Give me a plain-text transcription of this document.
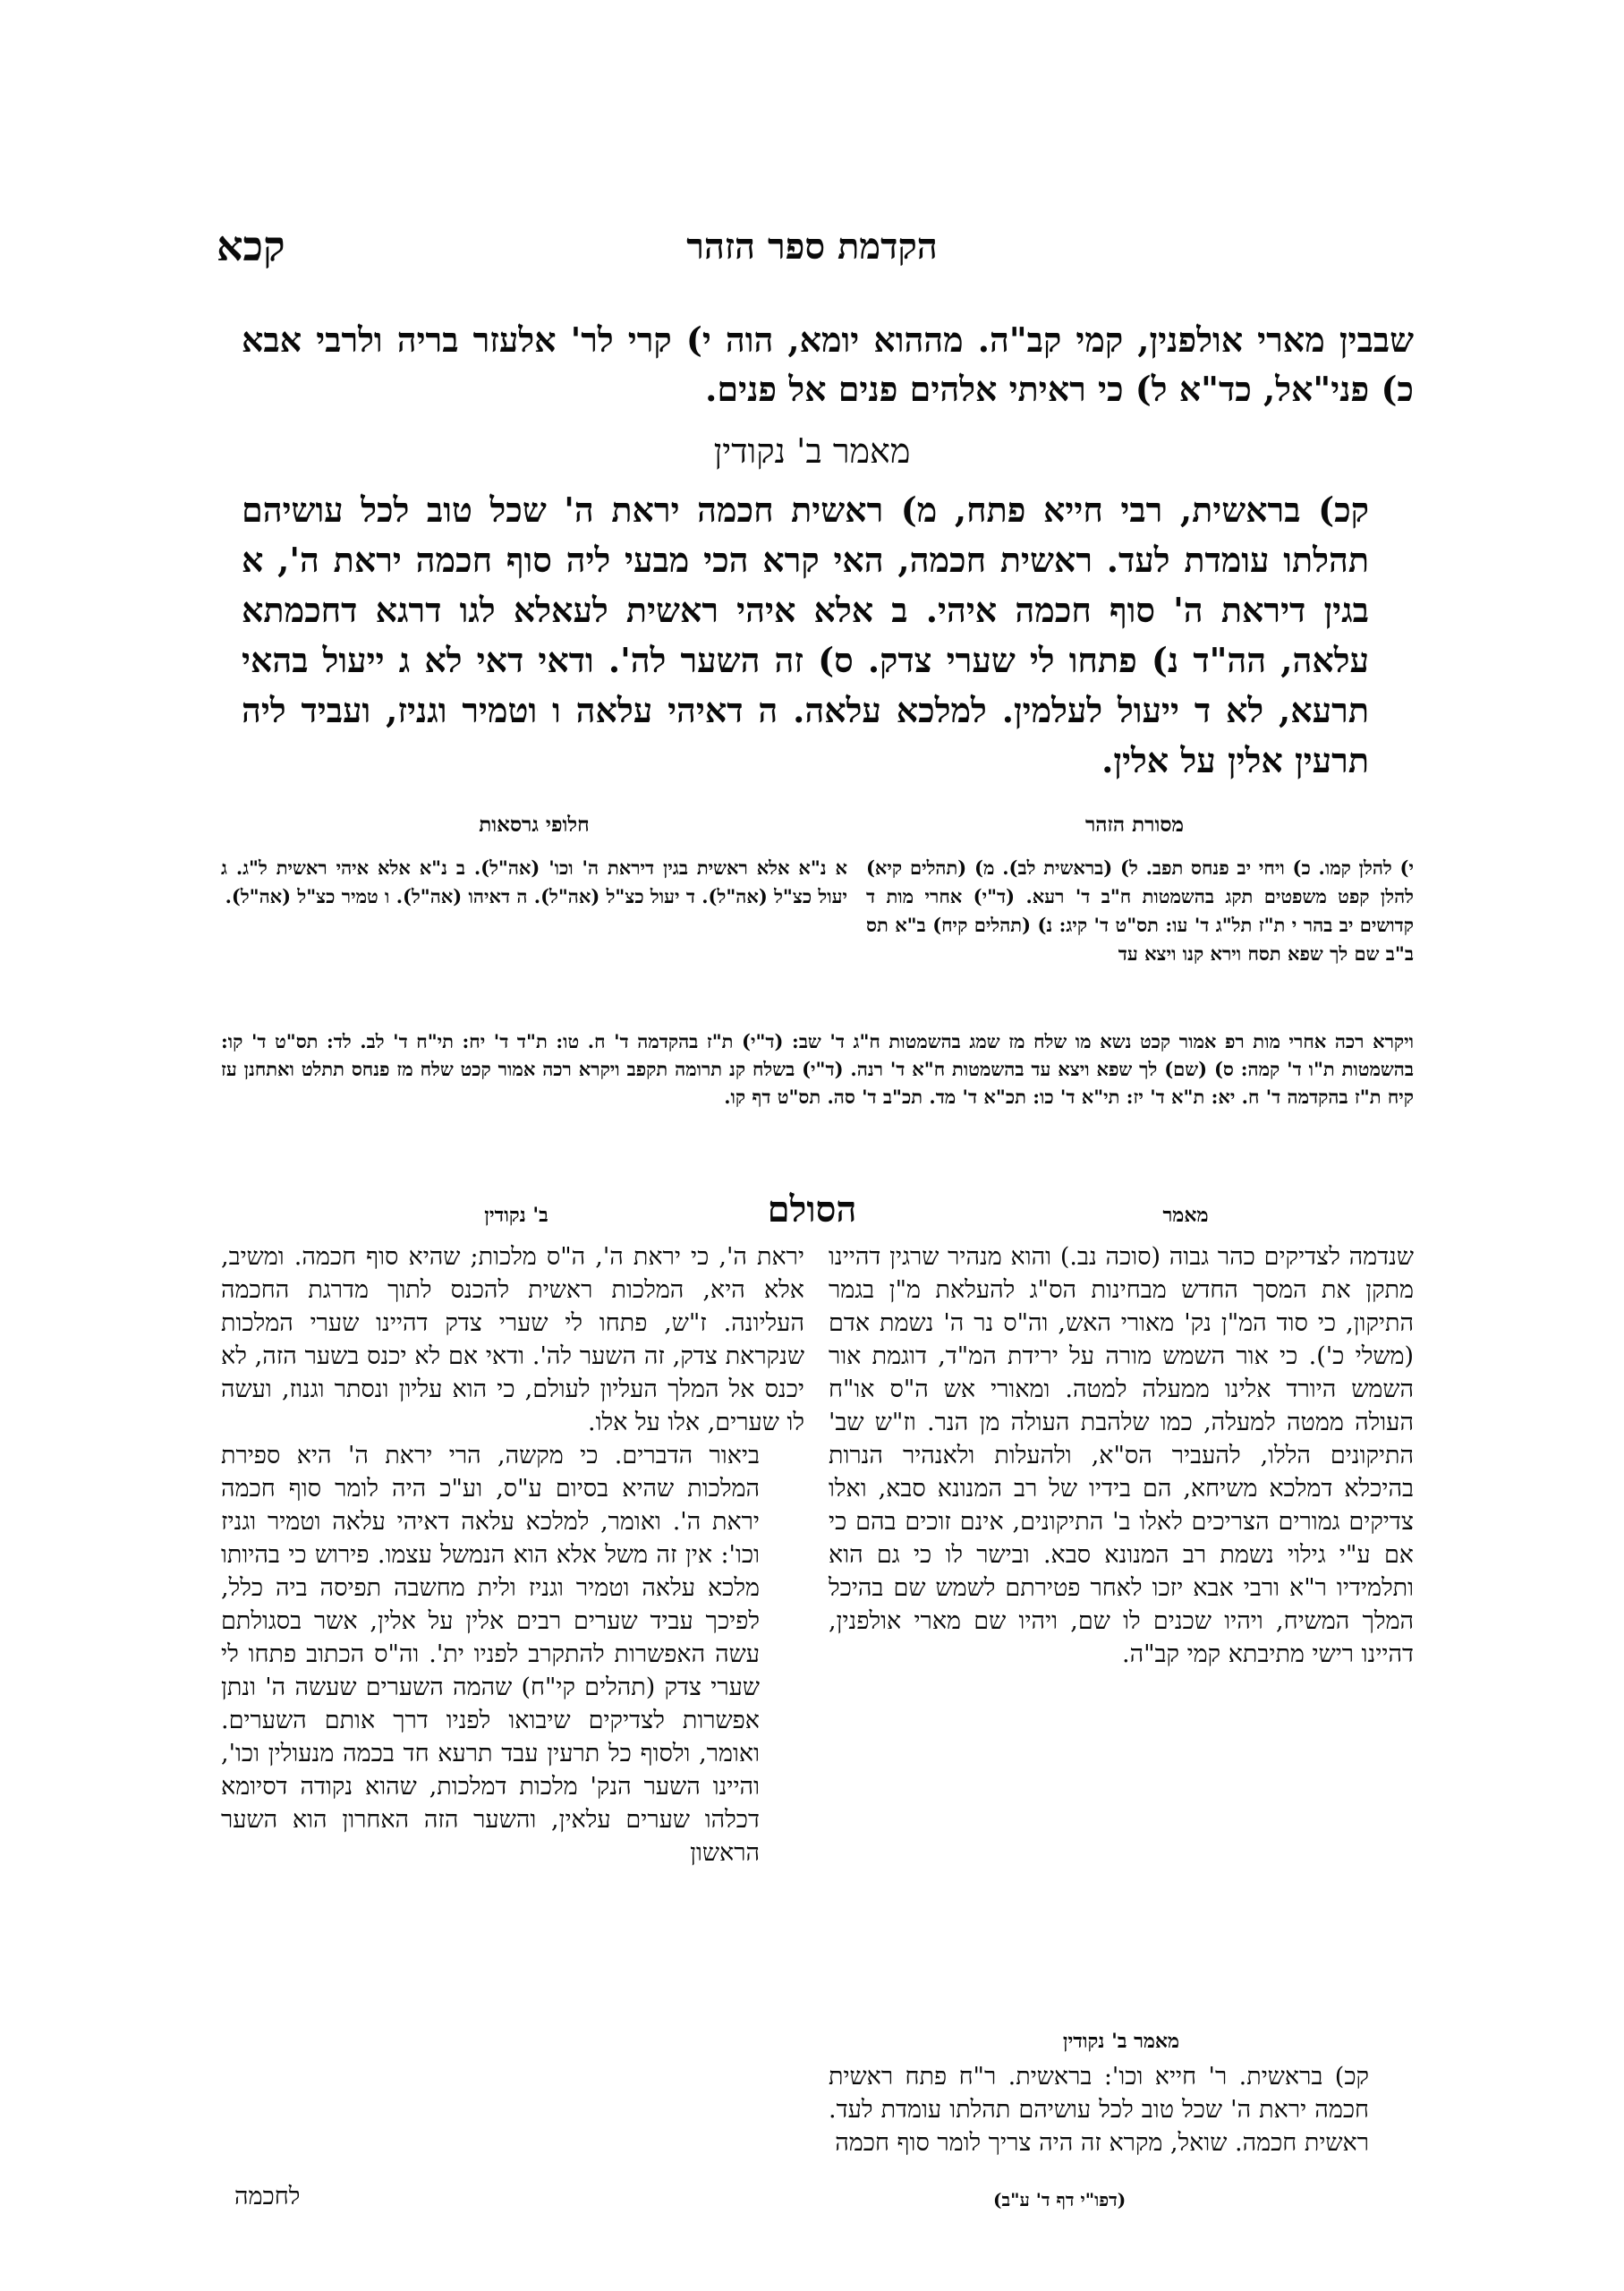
הקדמת ספר הזהר
קכא
שבבין מארי אולפנין, קמי קב"ה. מההוא יומא, הוה י) קרי לר' אלעזר בריה ולרבי אבא כ) פני"אל, כד"א ל) כי ראיתי אלהים פנים אל פנים.
מאמר ב' נקודין

קכ) בראשית, רבי חייא פתח, מ) ראשית חכמה יראת ה' שכל טוב לכל עושיהם תהלתו עומדת לעד. ראשית חכמה, האי קרא הכי מבעי ליה סוף חכמה יראת ה', א בגין דיראת ה' סוף חכמה איהי. ב אלא איהי ראשית לעאלא לגו דרגא דחכמתא עלאה, הה"ד נ) פתחו לי שערי צדק. ס) זה השער לה'. ודאי דאי לא ג ייעול בהאי תרעא, לא ד ייעול לעלמין. למלכא עלאה. ה דאיהי עלאה ו וטמיר וגניז, ועביד ליה תרעין אלין על אלין.

מסורת הזהר
חלופי גרסאות
י) להלן קמו. כ) ויחי יב פנחס תפב. ל) (בראשית לב). מ) (תהלים קיא) להלן קפט משפטים תקג בהשמטות ח"ב ד' רעא. (ד"י) אחרי מות ד קדושים יב בהר י ת"ז תל"ג ד' עו: תס"ט ד' קיג: נ) (תהלים קיח) ב"א תס ב"ב שם לך שפא תסח וירא קנו ויצא עד
א נ"א אלא ראשית בגין דיראת ה' וכו' (אה"ל). ב נ"א אלא איהי ראשית ל"ג. ג יעול כצ"ל (אה"ל). ד יעול כצ"ל (אה"ל). ה דאיהו (אה"ל). ו טמיר כצ"ל (אה"ל).
ויקרא רכה אחרי מות רפ אמור קכט נשא מו שלח מז שמג בהשמטות ח"ג ד' שב: (ד"י) ת"ז בהקדמה ד' ח. טו: ת"ד ד' יח: תי"ח ד' לב. לד: תס"ט ד' קו: בהשמטות ת"ו ד' קמה: ס) (שם) לך שפא ויצא עד בהשמטות ח"א ד' רנה. (ד"י) בשלח קנ תרומה תקפב ויקרא רכה אמור קכט שלח מז פנחס תתלט ואתחנן עז קיח ת"ז בהקדמה ד' ח. יא: ת"א ד' יז: תי"א ד' כו: תכ"א ד' מד. תכ"ב ד' סה. תס"ט דף קו.
הסולם	מאמר
ב' נקודין

שנדמה לצדיקים כהר גבוה (סוכה נב.) והוא מנהיר שרגין דהיינו מתקן את המסך החדש מבחינות הס"ג להעלאת מ"ן בגמר התיקון, כי סוד המ"ן נק' מאורי האש, וה"ס נר ה' נשמת אדם (משלי כ'). כי אור השמש מורה על ירידת המ"ד, דוגמת אור השמש היורד אלינו ממעלה למטה. ומאורי אש ה"ס או"ח העולה ממטה למעלה, כמו שלהבת העולה מן הנר. וז"ש שב' התיקונים הללו, להעביר הס"א, ולהעלות ולאנהיר הנרות בהיכלא דמלכא משיחא, הם בידיו של רב המנונא סבא, ואלו צדיקים גמורים הצריכים לאלו ב' התיקונים, אינם זוכים בהם כי אם ע"י גילוי נשמת רב המנונא סבא. ובישר לו כי גם הוא ותלמידיו ר"א ורבי אבא יזכו לאחר פטירתם לשמש שם בהיכל המלך המשיח, ויהיו שכנים לו שם, ויהיו שם מארי אולפנין, דהיינו רישי מתיבתא קמי קב"ה.

מאמר ב' נקודין

קכ) בראשית. ר' חייא וכו': בראשית. ר"ח פתח ראשית חכמה יראת ה' שכל טוב לכל עושיהם תהלתו עומדת לעד. ראשית חכמה. שואל, מקרא זה היה צריך לומר סוף חכמה

(דפו"י דף ד' ע"ב)

יראת ה', כי יראת ה', ה"ס מלכות; שהיא סוף חכמה. ומשיב, אלא היא, המלכות ראשית להכנס לתוך מדרגת החכמה העליונה. ז"ש, פתחו לי שערי צדק דהיינו שערי המלכות שנקראת צדק, זה השער לה'. ודאי אם לא יכנס בשער הזה, לא יכנס אל המלך העליון לעולם, כי הוא עליון ונסתר וגנוז, ועשה לו שערים, אלו על אלו.

ביאור הדברים. כי מקשה, הרי יראת ה' היא ספירת המלכות שהיא בסיום ע"ס, וע"כ היה לומר סוף חכמה יראת ה'. ואומר, למלכא עלאה דאיהי עלאה וטמיר וגניז וכו': אין זה משל אלא הוא הנמשל עצמו. פירוש כי בהיותו מלכא עלאה וטמיר וגניז ולית מחשבה תפיסה ביה כלל, לפיכך עביד שערים רבים אלין על אלין, אשר בסגולתם עשה האפשרות להתקרב לפניו ית'. וה"ס הכתוב פתחו לי שערי צדק (תהלים קי"ח) שהמה השערים שעשה ה' ונתן אפשרות לצדיקים שיבואו לפניו דרך אותם השערים. ואומר, ולסוף כל תרעין עבד תרעא חד בכמה מנעולין וכו', והיינו השער הנק' מלכות דמלכות, שהוא נקודה דסיומא דכלהו שערים עלאין, והשער הזה האחרון הוא השער הראשון

לחכמה
